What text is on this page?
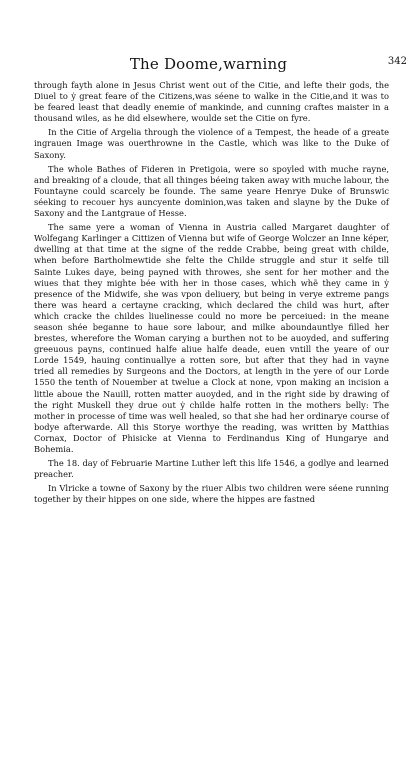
The Doome,warning	342

through fayth alone in Jesus Christ went out of the Citie, and lefte their gods, the Diuel to ẏ great feare of the Citizens,was séene to walke in the Citie,and it was to be feared least that deadly enemie of mankinde, and cunning craftes maister in a thousand wiles, as he did elsewhere, woulde set the Citie on fyre.

In the Citie of Argelia through the violence of a Tempest, the heade of a greate ingrauen Image was ouerthrowne in the Castle, which was like to the Duke of Saxony.

The whole Bathes of Fideren in Pretigoia, were so spoyled with muche rayne, and breaking of a cloude, that all thinges béeing taken away with muche labour, the Fountayne could scarcely be founde. The same yeare Henrye Duke of Brunswic séeking to recouer hys auncyente dominion,was taken and slayne by the Duke of Saxony and the Lantgraue of Hesse.

The same yere a woman of Vienna in Austria called Margaret daughter of Wolfegang Karlinger a Cittizen of Vienna but wife of George Wolczer an Inne képer, dwelling at that time at the signe of the redde Crabbe, being great with childe, when before Bartholmewtide she felte the Childe struggle and stur it selfe till Sainte Lukes daye, being payned with throwes, she sent for her mother and the wiues that they mighte bée with her in those cases, which whẽ they came in ẏ presence of the Midwife, she was vpon deliuery, but being in verye extreme pangs there was heard a certayne cracking, which declared the child was hurt, after which cracke the childes liuelinesse could no more be perceiued: in the meane season shée beganne to haue sore labour, and milke aboundauntlye filled her brestes, wherefore the Woman carying a burthen not to be auoyded, and suffering greeuous payns, continued halfe aliue halfe deade, euen vntill the yeare of our Lorde 1549, hauing continuallye a rotten sore, but after that they had in vayne tried all remedies by Surgeons and the Doctors, at length in the yere of our Lorde 1550 the tenth of Nouember at twelue a Clock at none, vpon making an incision a little aboue the Nauill, rotten matter auoyded, and in the right side by drawing of the right Muskell they drue out ẏ childe halfe rotten in the mothers belly: The mother in processe of time was well healed, so that she had her ordinarye course of bodye afterwarde. All this Storye worthye the reading, was written by Matthias Cornax, Doctor of Phisicke at Vienna to Ferdinandus King of Hungarye and Bohemia.

The 18. day of Februarie Martine Luther left this life 1546, a godlye and learned preacher.

In Vlricke a towne of Saxony by the riuer Albis two children were séene running together by their hippes on one side, where the hippes are fastned
